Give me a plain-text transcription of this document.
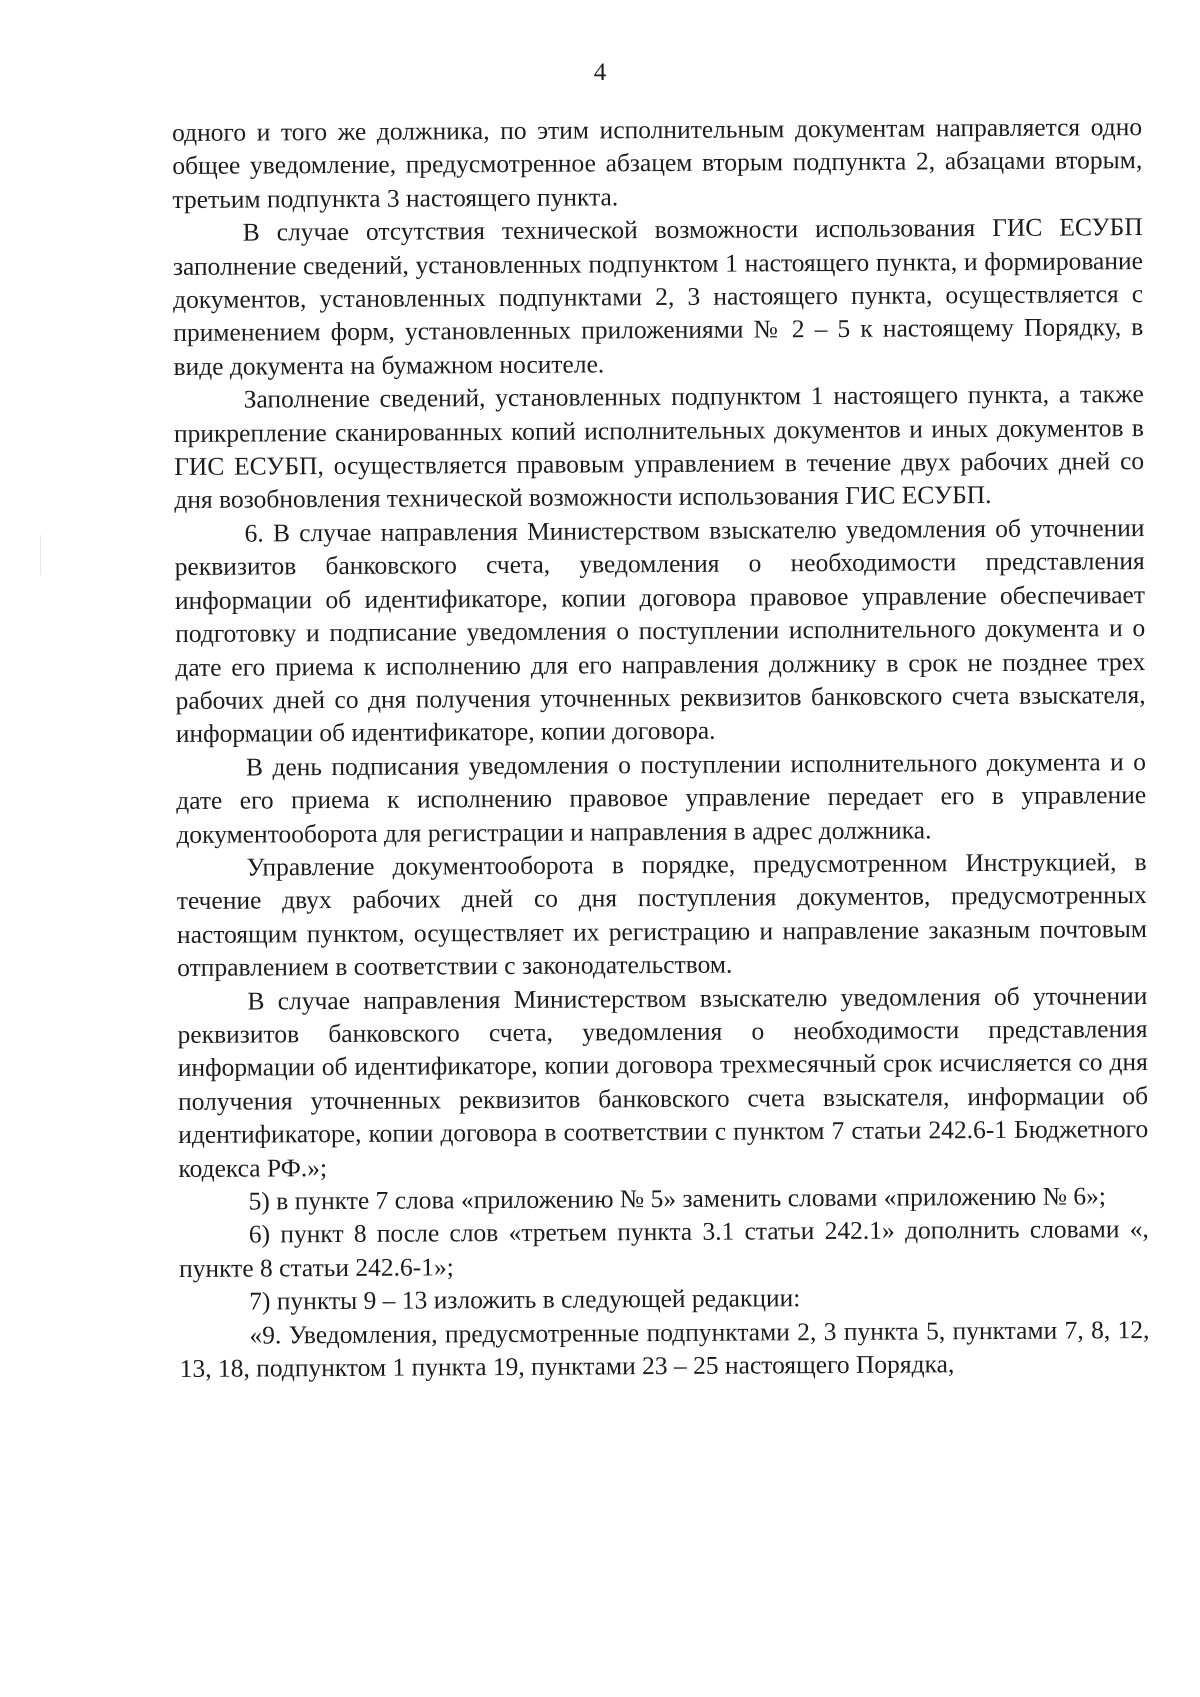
4

одного и того же должника, по этим исполнительным документам направляется одно общее уведомление, предусмотренное абзацем вторым подпункта 2, абзацами вторым, третьим подпункта 3 настоящего пункта.

В случае отсутствия технической возможности использования ГИС ЕСУБП заполнение сведений, установленных подпунктом 1 настоящего пункта, и формирование документов, установленных подпунктами 2, 3 настоящего пункта, осуществляется с применением форм, установленных приложениями № 2 – 5 к настоящему Порядку, в виде документа на бумажном носителе.

Заполнение сведений, установленных подпунктом 1 настоящего пункта, а также прикрепление сканированных копий исполнительных документов и иных документов в ГИС ЕСУБП, осуществляется правовым управлением в течение двух рабочих дней со дня возобновления технической возможности использования ГИС ЕСУБП.

6. В случае направления Министерством взыскателю уведомления об уточнении реквизитов банковского счета, уведомления о необходимости представления информации об идентификаторе, копии договора правовое управление обеспечивает подготовку и подписание уведомления о поступлении исполнительного документа и о дате его приема к исполнению для его направления должнику в срок не позднее трех рабочих дней со дня получения уточненных реквизитов банковского счета взыскателя, информации об идентификаторе, копии договора.

В день подписания уведомления о поступлении исполнительного документа и о дате его приема к исполнению правовое управление передает его в управление документооборота для регистрации и направления в адрес должника.

Управление документооборота в порядке, предусмотренном Инструкцией, в течение двух рабочих дней со дня поступления документов, предусмотренных настоящим пунктом, осуществляет их регистрацию и направление заказным почтовым отправлением в соответствии с законодательством.

В случае направления Министерством взыскателю уведомления об уточнении реквизитов банковского счета, уведомления о необходимости представления информации об идентификаторе, копии договора трехмесячный срок исчисляется со дня получения уточненных реквизитов банковского счета взыскателя, информации об идентификаторе, копии договора в соответствии с пунктом 7 статьи 242.6-1 Бюджетного кодекса РФ.»;

5) в пункте 7 слова «приложению № 5» заменить словами «приложению № 6»;

6) пункт 8 после слов «третьем пункта 3.1 статьи 242.1» дополнить словами «, пункте 8 статьи 242.6-1»;

7) пункты 9 – 13 изложить в следующей редакции:

«9. Уведомления, предусмотренные подпунктами 2, 3 пункта 5, пунктами 7, 8, 12, 13, 18, подпунктом 1 пункта 19, пунктами 23 – 25 настоящего Порядка,
